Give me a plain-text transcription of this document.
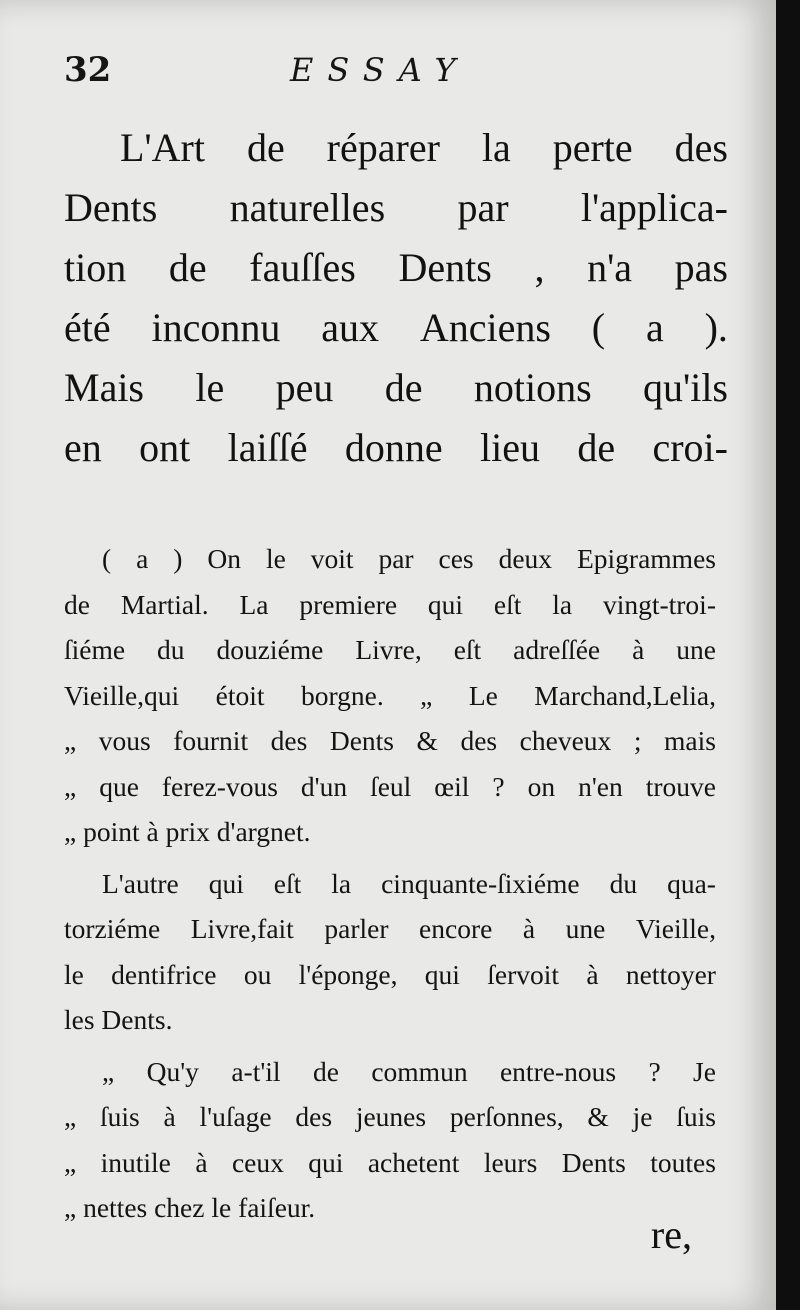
32	ESSAY
L'Art de réparer la perte des
Dents naturelles par l'applica-
tion de fauſſes Dents , n'a pas
été inconnu aux Anciens ( a ).
Mais le peu de notions qu'ils
en ont laiſſé donne lieu de croi-
( a ) On le voit par ces deux Epigrammes
de Martial. La premiere qui eſt la vingt-troi-
ſiéme du douziéme Livre, eſt adreſſée à une
Vieille,qui étoit borgne. „ Le Marchand,Lelia,
„ vous fournit des Dents & des cheveux ; mais
„ que ferez-vous d'un ſeul œil ? on n'en trouve
„ point à prix d'argnet.
L'autre qui eſt la cinquante-ſixiéme du qua-
torziéme Livre,fait parler encore à une Vieille,
le dentifrice ou l'éponge, qui ſervoit à nettoyer
les Dents.
„ Qu'y a-t'il de commun entre-nous ? Je
„ ſuis à l'uſage des jeunes perſonnes, & je ſuis
„ inutile à ceux qui achetent leurs Dents toutes
„ nettes chez le faiſeur.
re,
